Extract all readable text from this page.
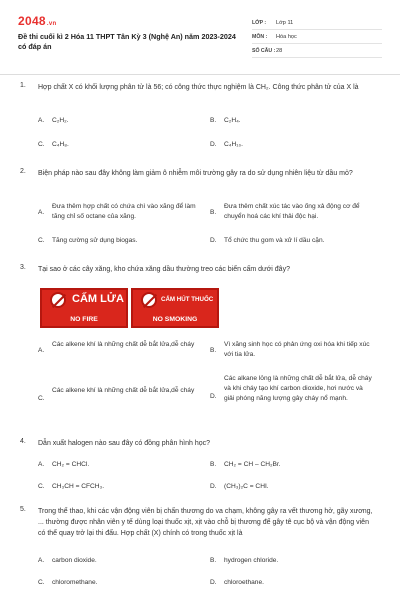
2048.vn
Đề thi cuối kì 2 Hóa 11 THPT Tân Kỳ 3 (Nghệ An) năm 2023-2024 có đáp án
LỚP :	Lớp 11
MÔN :	Hóa học
SỐ CÂU : 28
1. Hợp chất X có khối lượng phân tử là 56; có công thức thực nghiệm là CH₂. Công thức phân tử của X là
A. C₂H₂.	B. C₂H₄.
C. C₄H₈.	D. C₄H₁₀.
2. Biện pháp nào sau đây không làm giảm ô nhiễm môi trường gây ra do sử dụng nhiên liệu từ dầu mỏ?
A.
Đưa thêm hợp chất có chứa chì vào xăng để làm tăng chỉ số octane của xăng.
B.
Đưa thêm chất xúc tác vào ống xả động cơ để chuyển hoá các khí thải độc hại.
C. Tăng cường sử dụng biogas.	D. Tổ chức thu gom và xử lí dầu cặn.
3. Tại sao ở các cây xăng, kho chứa xăng dầu thường treo các biển cấm dưới đây?
A.
Các alkene khí là những chất dễ bắt lửa,dễ cháy
B.
Vì xăng sinh học có phản ứng oxi hóa khi tiếp xúc với tia lửa.
C.
Các alkene khí là những chất dễ bắt lửa,dễ cháy
D.
Các alkane lỏng là những chất dễ bắt lửa, dễ cháy và khi cháy tạo khí carbon dioxide, hơi nước và giải phóng năng lượng gây cháy nổ mạnh.
CẤM LỬA
NO FIRE
CẤM HÚT THUỐC
NO SMOKING
4. Dẫn xuất halogen nào sau đây có đồng phân hình học?
A. CH₂ = CHCl.	B. CH₂ = CH – CH₂Br.
C. CH₃CH = CFCH₃.	D. (CH₃)₂C = CHI.
5. Trong thể thao, khi các vận động viên bị chấn thương do va chạm, không gây ra vết thương hở, gãy xương, ... thường được nhân viên y tế dùng loại thuốc xịt, xịt vào chỗ bị thương để gây tê cục bộ và vận động viên có thể quay trở lại thi đấu. Hợp chất (X) chính có trong thuốc xịt là
A. carbon dioxide.	B. hydrogen chloride.
C. chloromethane.	D. chloroethane.
